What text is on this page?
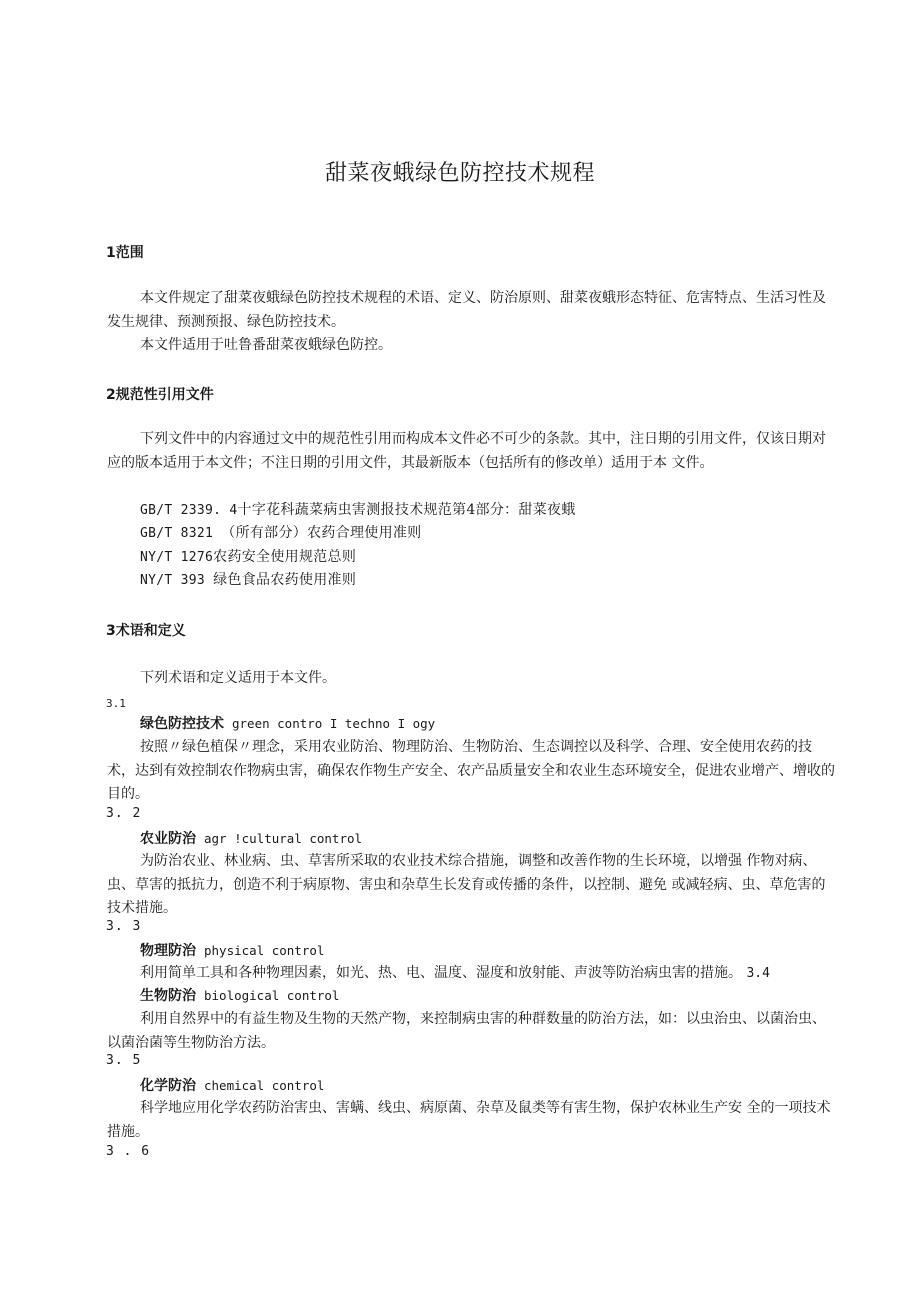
甜菜夜蛾绿色防控技术规程
1范围

本文件规定了甜菜夜蛾绿色防控技术规程的术语、定义、防治原则、甜菜夜蛾形态特征、危害特点、生活习性及发生规律、预测预报、绿色防控技术。

本文件适用于吐鲁番甜菜夜蛾绿色防控。

2规范性引用文件

下列文件中的内容通过文中的规范性引用而构成本文件必不可少的条款。其中，注日期的引用文件，仅该日期对应的版本适用于本文件；不注日期的引用文件，其最新版本（包括所有的修改单）适用于本 文件。

GB/T 2339. 4十字花科蔬菜病虫害测报技术规范第4部分：甜菜夜蛾
GB/T 8321 （所有部分）农药合理使用准则
NY/T 1276农药安全使用规范总则
NY/T 393 绿色食品农药使用准则
3术语和定义

下列术语和定义适用于本文件。

3.1
绿色防控技术 green contro I techno I ogy

按照〃绿色植保〃理念，采用农业防治、物理防治、生物防治、生态调控以及科学、合理、安全使用农药的技术，达到有效控制农作物病虫害，确保农作物生产安全、农产品质量安全和农业生态环境安全，促进农业增产、增收的目的。

3. 2
农业防治 agr !cultural control

为防治农业、林业病、虫、草害所采取的农业技术综合措施，调整和改善作物的生长环境，以增强 作物对病、虫、草害的抵抗力，创造不利于病原物、害虫和杂草生长发育或传播的条件，以控制、避免 或减轻病、虫、草危害的技术措施。

3. 3
物理防治 physical control

利用简单工具和各种物理因素，如光、热、电、温度、湿度和放射能、声波等防治病虫害的措施。 3.4

生物防治 biological control

利用自然界中的有益生物及生物的天然产物，来控制病虫害的种群数量的防治方法，如：以虫治虫、以菌治虫、以菌治菌等生物防治方法。

3. 5
化学防治 chemical control

科学地应用化学农药防治害虫、害螨、线虫、病原菌、杂草及鼠类等有害生物，保护农林业生产安 全的一项技术措施。

3 . 6
